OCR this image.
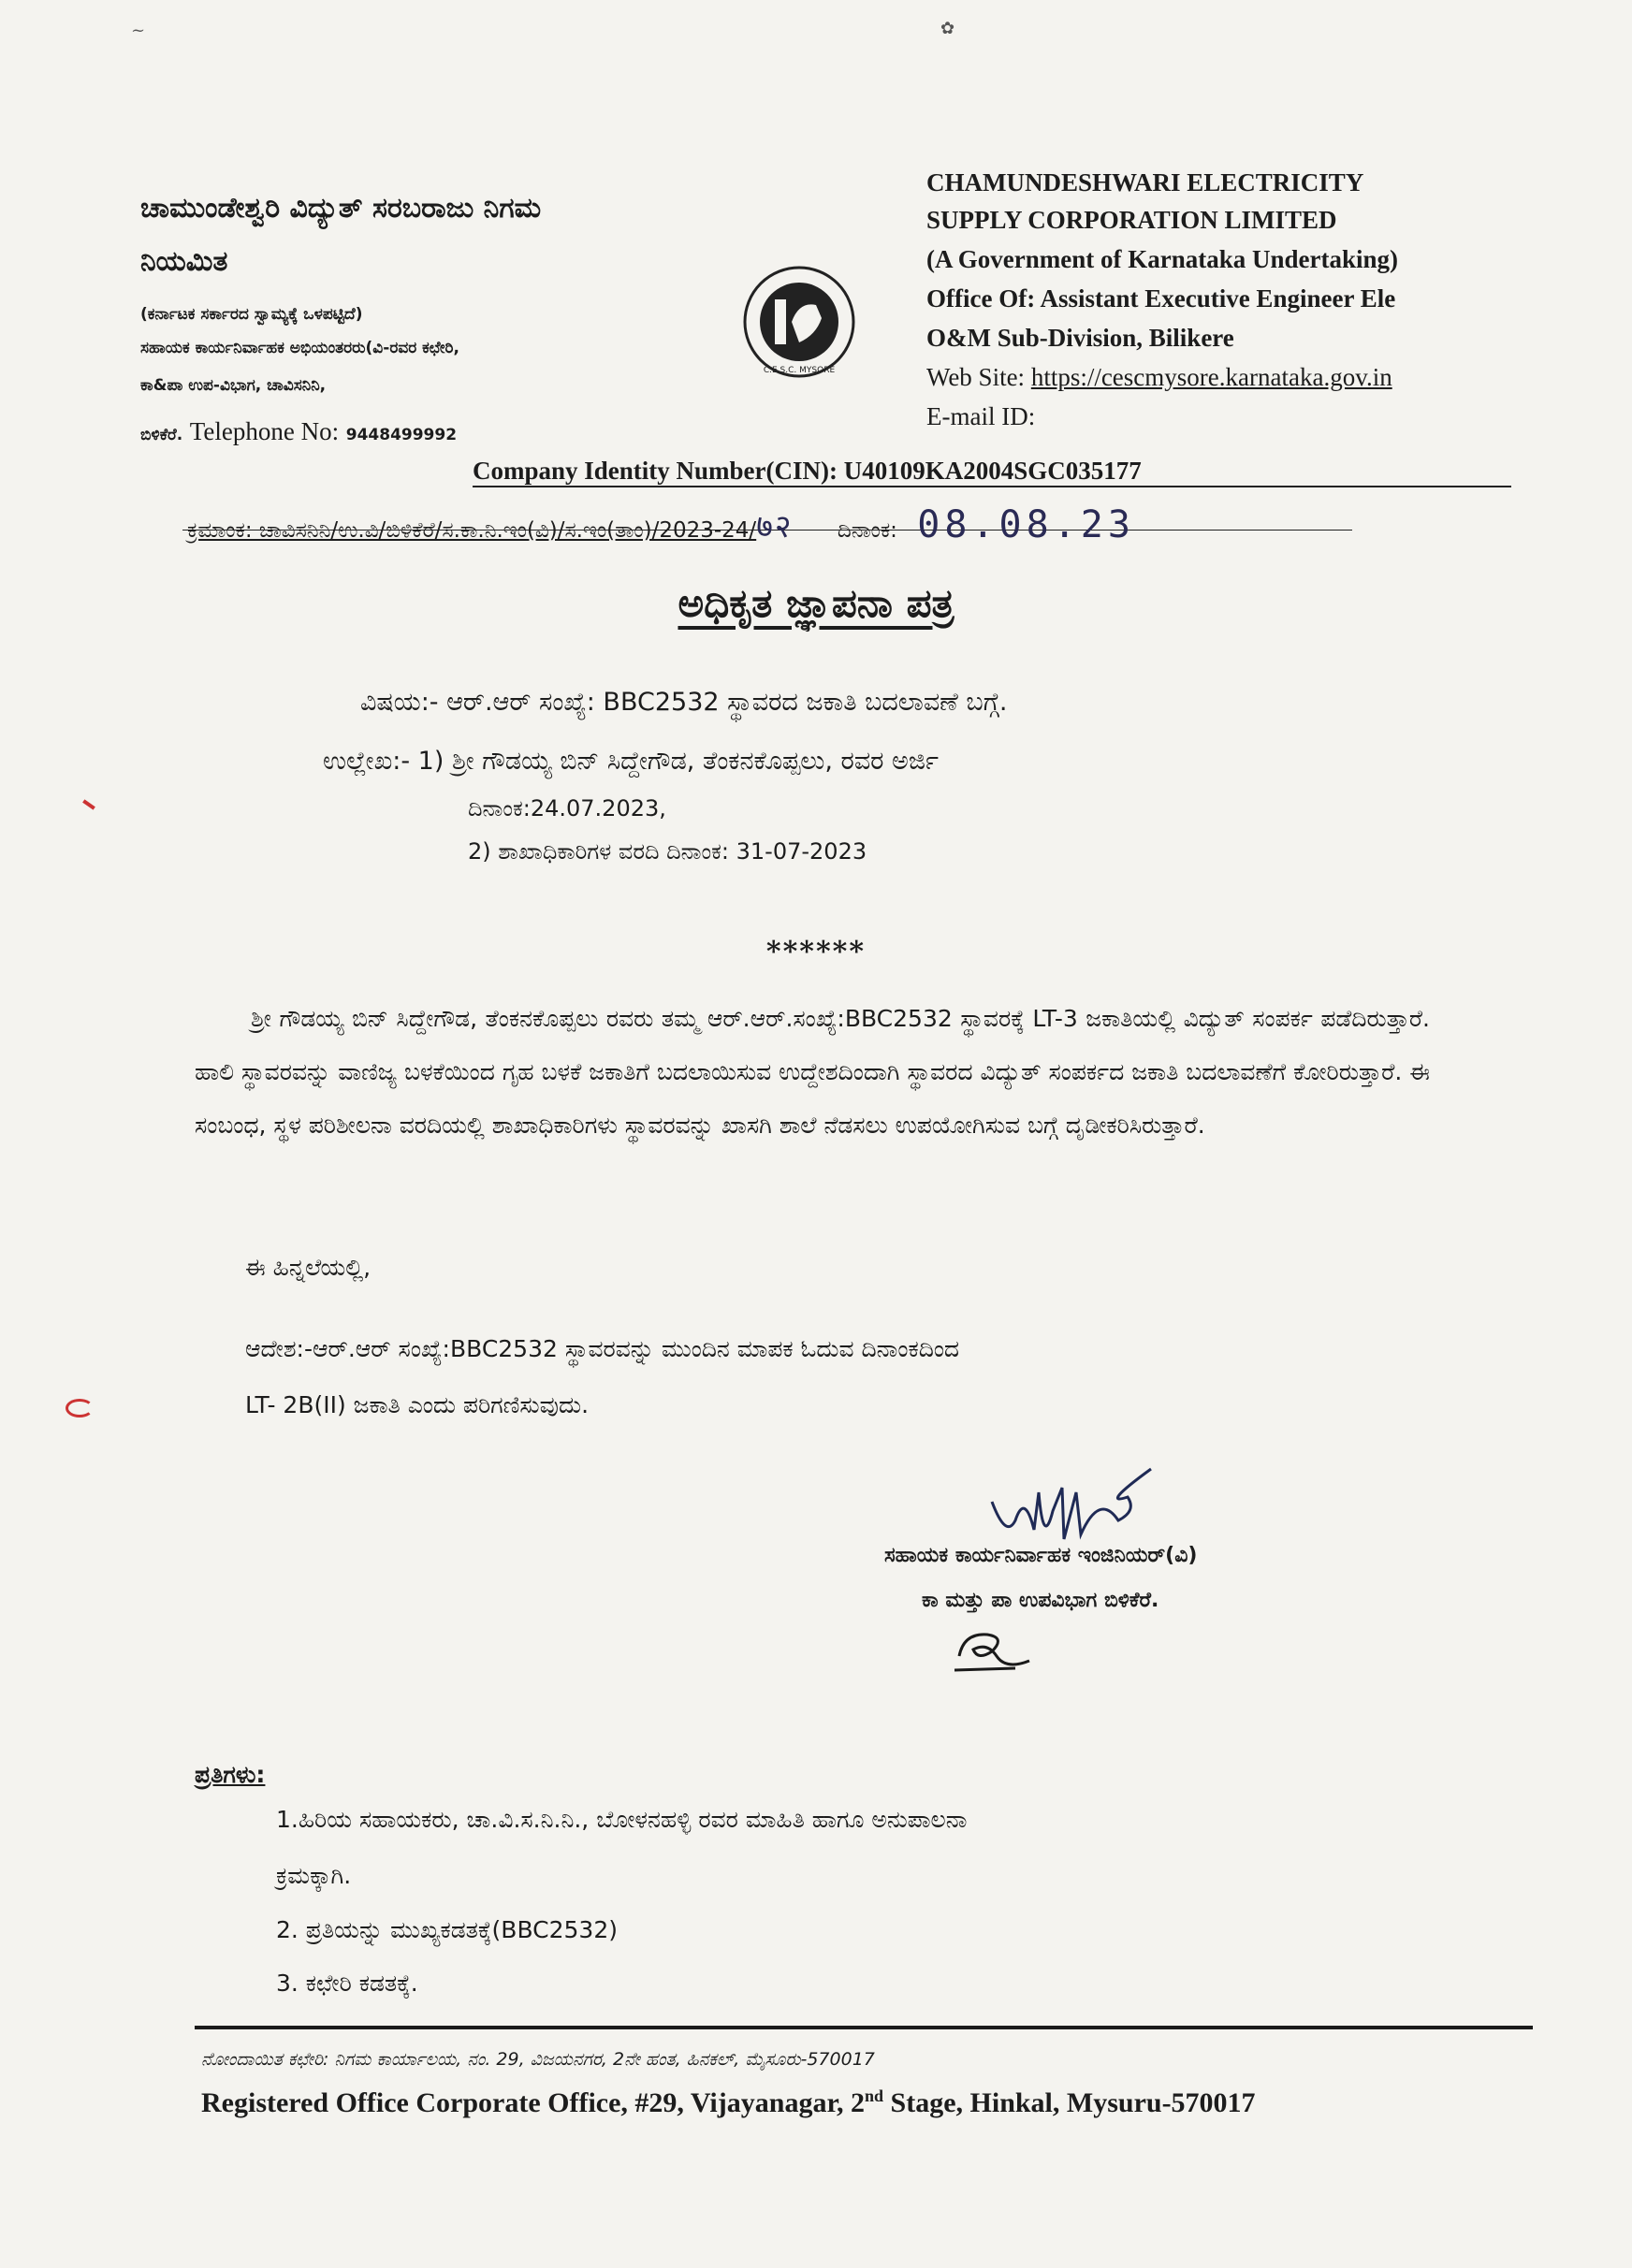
~	✿
ಚಾಮುಂಡೇಶ್ವರಿ ವಿದ್ಯುತ್ ಸರಬರಾಜು ನಿಗಮ
ನಿಯಮಿತ
(ಕರ್ನಾಟಕ ಸರ್ಕಾರದ ಸ್ವಾಮ್ಯಕ್ಕೆ ಒಳಪಟ್ಟಿದೆ)
ಸಹಾಯಕ ಕಾರ್ಯನಿರ್ವಾಹಕ ಅಭಿಯಂತರರು(ವಿ-ರವರ ಕಛೇರಿ,
ಕಾ&ಪಾ ಉಪ-ವಿಭಾಗ, ಚಾವಿಸನಿನಿ,
ಬಿಳಿಕೆರೆ. Telephone No: 9448499992
C.E.S.C. MYSORE
CHAMUNDESHWARI ELECTRICITY
SUPPLY CORPORATION LIMITED
(A Government of Karnataka Undertaking)
Office Of: Assistant Executive Engineer Ele
O&M Sub-Division, Bilikere
Web Site: https://cescmysore.karnataka.gov.in
E-mail ID:
Company Identity Number(CIN): U40109KA2004SGC035177
ಕ್ರಮಾಂಕ: ಚಾವಿಸನಿನಿ/ಉ.ವಿ/ಬಿಳಿಕೆರೆ/ಸ.ಕಾ.ನಿ.ಇಂ(ವಿ)/ಸ.ಇಂ(ತಾಂ)/2023-24/७२ ದಿನಾಂಕ: 08.08.23
ಅಧಿಕೃತ ಜ್ಞಾಪನಾ ಪತ್ರ
ವಿಷಯ:- ಆರ್.ಆರ್ ಸಂಖ್ಯೆ: BBC2532 ಸ್ಥಾವರದ ಜಕಾತಿ ಬದಲಾವಣೆ ಬಗ್ಗೆ.
ಉಲ್ಲೇಖ:- 1) ಶ್ರೀ ಗೌಡಯ್ಯ ಬಿನ್ ಸಿದ್ದೇಗೌಡ, ತೆಂಕನಕೊಪ್ಪಲು, ರವರ ಅರ್ಜಿ
ದಿನಾಂಕ:24.07.2023,
2) ಶಾಖಾಧಿಕಾರಿಗಳ ವರದಿ ದಿನಾಂಕ: 31-07-2023
******
ಶ್ರೀ ಗೌಡಯ್ಯ ಬಿನ್ ಸಿದ್ದೇಗೌಡ, ತೆಂಕನಕೊಪ್ಪಲು ರವರು ತಮ್ಮ ಆರ್.ಆರ್.ಸಂಖ್ಯೆ:BBC2532 ಸ್ಥಾವರಕ್ಕೆ LT-3 ಜಕಾತಿಯಲ್ಲಿ ವಿದ್ಯುತ್ ಸಂಪರ್ಕ ಪಡೆದಿರುತ್ತಾರೆ. ಹಾಲಿ ಸ್ಥಾವರವನ್ನು ವಾಣಿಜ್ಯ ಬಳಕೆಯಿಂದ ಗೃಹ ಬಳಕೆ ಜಕಾತಿಗೆ ಬದಲಾಯಿಸುವ ಉದ್ದೇಶದಿಂದಾಗಿ ಸ್ಥಾವರದ ವಿದ್ಯುತ್ ಸಂಪರ್ಕದ ಜಕಾತಿ ಬದಲಾವಣೆಗೆ ಕೋರಿರುತ್ತಾರೆ. ಈ ಸಂಬಂಧ, ಸ್ಥಳ ಪರಿಶೀಲನಾ ವರದಿಯಲ್ಲಿ ಶಾಖಾಧಿಕಾರಿಗಳು ಸ್ಥಾವರವನ್ನು ಖಾಸಗಿ ಶಾಲೆ ನೆಡಸಲು ಉಪಯೋಗಿಸುವ ಬಗ್ಗೆ ದೃಡೀಕರಿಸಿರುತ್ತಾರೆ.
ಈ ಹಿನ್ನಲೆಯಲ್ಲಿ,
ಆದೇಶ:-ಆರ್.ಆರ್ ಸಂಖ್ಯೆ:BBC2532 ಸ್ಥಾವರವನ್ನು ಮುಂದಿನ ಮಾಪಕ ಓದುವ ದಿನಾಂಕದಿಂದ
LT- 2B(II) ಜಕಾತಿ ಎಂದು ಪರಿಗಣಿಸುವುದು.
ಸಹಾಯಕ ಕಾರ್ಯನಿರ್ವಾಹಕ ಇಂಜಿನಿಯರ್(ವಿ)
ಕಾ ಮತ್ತು ಪಾ ಉಪವಿಭಾಗ ಬಿಳಿಕೆರೆ.
ಪ್ರತಿಗಳು:
1.ಹಿರಿಯ ಸಹಾಯಕರು, ಚಾ.ವಿ.ಸ.ನಿ.ನಿ., ಬೋಳನಹಳ್ಳಿ ರವರ ಮಾಹಿತಿ ಹಾಗೂ ಅನುಪಾಲನಾ
ಕ್ರಮಕ್ಕಾಗಿ.
2. ಪ್ರತಿಯನ್ನು ಮುಖ್ಯಕಡತಕ್ಕೆ(BBC2532)
3. ಕಛೇರಿ ಕಡತಕ್ಕೆ.
ನೋಂದಾಯಿತ ಕಛೇರಿ: ನಿಗಮ ಕಾರ್ಯಾಲಯ, ನಂ. 29, ವಿಜಯನಗರ, 2ನೇ ಹಂತ, ಹಿನಕಲ್, ಮೈಸೂರು-570017
Registered Office Corporate Office, #29, Vijayanagar, 2nd Stage, Hinkal, Mysuru-570017
